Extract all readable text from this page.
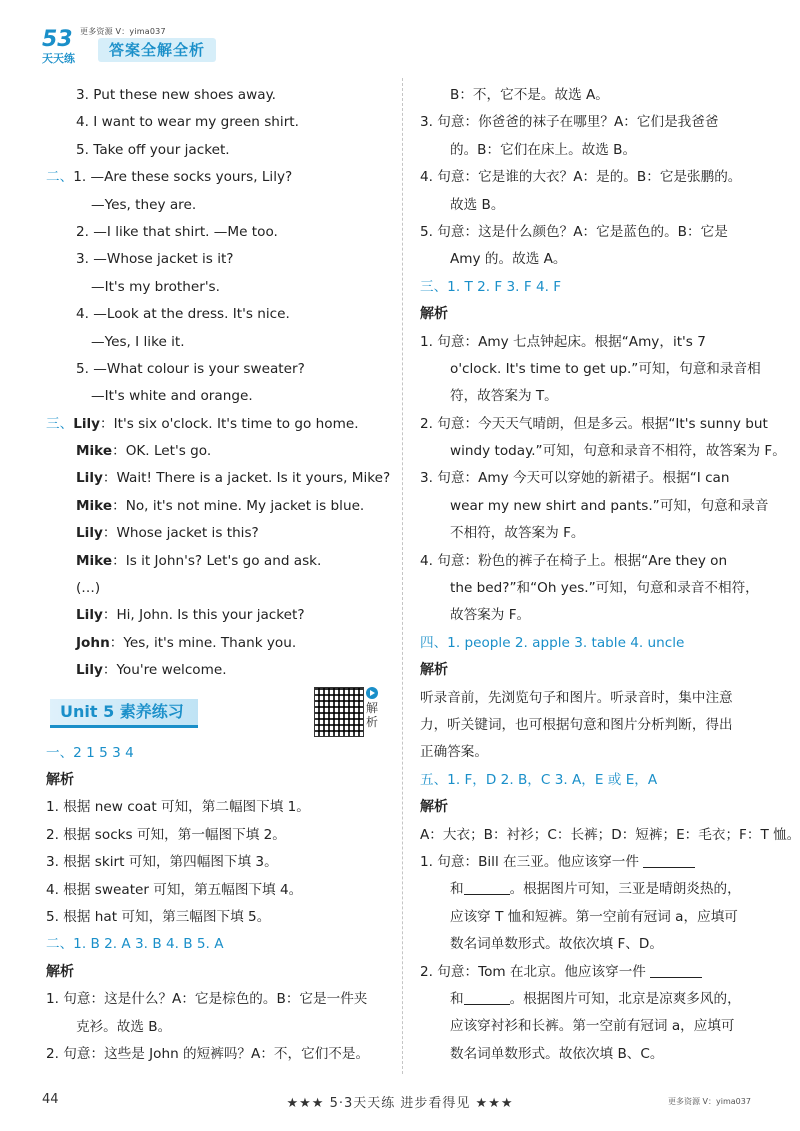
53
天天练
更多资源 V：yima037
答案全解全析
3. Put these new shoes away.
4. I want to wear my green shirt.
5. Take off your jacket.
二、1. —Are these socks yours, Lily?
—Yes, they are.
2. —I like that shirt. —Me too.
3. —Whose jacket is it?
—It's my brother's.
4. —Look at the dress. It's nice.
—Yes, I like it.
5. —What colour is your sweater?
—It's white and orange.
三、Lily：It's six o'clock. It's time to go home.
Mike：OK. Let's go.
Lily：Wait! There is a jacket. Is it yours, Mike?
Mike：No, it's not mine. My jacket is blue.
Lily：Whose jacket is this?
Mike：Is it John's? Let's go and ask.
(…)
Lily：Hi, John. Is this your jacket?
John：Yes, it's mine. Thank you.
Lily：You're welcome.
Unit 5 素养练习	解析
一、2 1 5 3 4
解析
1. 根据 new coat 可知，第二幅图下填 1。
2. 根据 socks 可知，第一幅图下填 2。
3. 根据 skirt 可知，第四幅图下填 3。
4. 根据 sweater 可知，第五幅图下填 4。
5. 根据 hat 可知，第三幅图下填 5。
二、1. B 2. A 3. B 4. B 5. A
解析
1. 句意：这是什么？A：它是棕色的。B：它是一件夹
克衫。故选 B。
2. 句意：这些是 John 的短裤吗？A：不，它们不是。
B：不，它不是。故选 A。
3. 句意：你爸爸的袜子在哪里？A：它们是我爸爸
的。B：它们在床上。故选 B。
4. 句意：它是谁的大衣？A：是的。B：它是张鹏的。
故选 B。
5. 句意：这是什么颜色？A：它是蓝色的。B：它是
Amy 的。故选 A。
三、1. T 2. F 3. F 4. F
解析
1. 句意：Amy 七点钟起床。根据“Amy，it's 7
o'clock. It's time to get up.”可知，句意和录音相
符，故答案为 T。
2. 句意：今天天气晴朗，但是多云。根据“It's sunny but
windy today.”可知，句意和录音不相符，故答案为 F。
3. 句意：Amy 今天可以穿她的新裙子。根据“I can
wear my new shirt and pants.”可知，句意和录音
不相符，故答案为 F。
4. 句意：粉色的裤子在椅子上。根据“Are they on
the bed?”和“Oh yes.”可知，句意和录音不相符，
故答案为 F。
四、1. people 2. apple 3. table 4. uncle
解析
听录音前，先浏览句子和图片。听录音时，集中注意
力，听关键词，也可根据句意和图片分析判断，得出
正确答案。
五、1. F，D 2. B，C 3. A，E 或 E，A
解析
A：大衣；B：衬衫；C：长裤；D：短裤；E：毛衣；F：T 恤。
1. 句意：Bill 在三亚。他应该穿一件
和	。根据图片可知，三亚是晴朗炎热的，
应该穿 T 恤和短裤。第一空前有冠词 a，应填可
数名词单数形式。故依次填 F、D。
2. 句意：Tom 在北京。他应该穿一件
和	。根据图片可知，北京是凉爽多风的，
应该穿衬衫和长裤。第一空前有冠词 a，应填可
数名词单数形式。故依次填 B、C。
44	★★★ 5·3天天练 进步看得见 ★★★	更多资源 V：yima037
